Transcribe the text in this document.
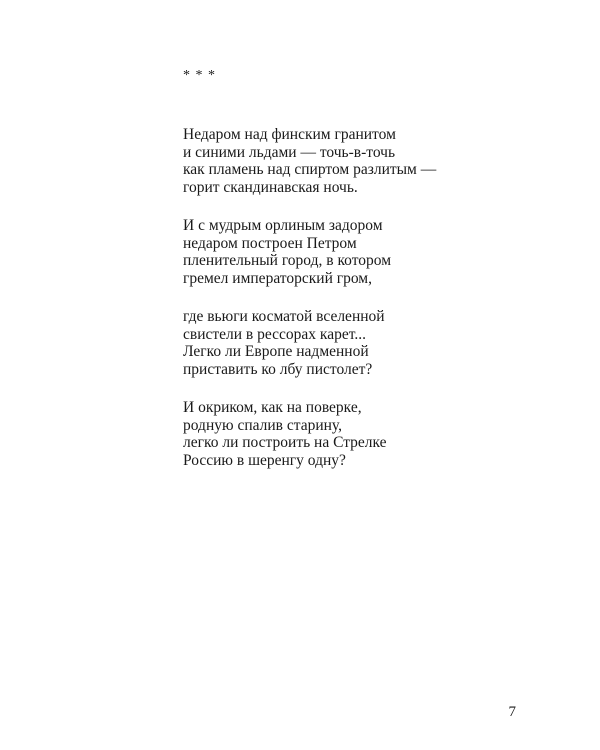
* * *
Недаром над финским гранитом
и синими льдами — точь-в-точь
как пламень над спиртом разлитым —
горит скандинавская ночь.
И с мудрым орлиным задором
недаром построен Петром
пленительный город, в котором
гремел императорский гром,
где вьюги косматой вселенной
свистели в рессорах карет...
Легко ли Европе надменной
приставить ко лбу пистолет?
И окриком, как на поверке,
родную спалив старину,
легко ли построить на Стрелке
Россию в шеренгу одну?
7
